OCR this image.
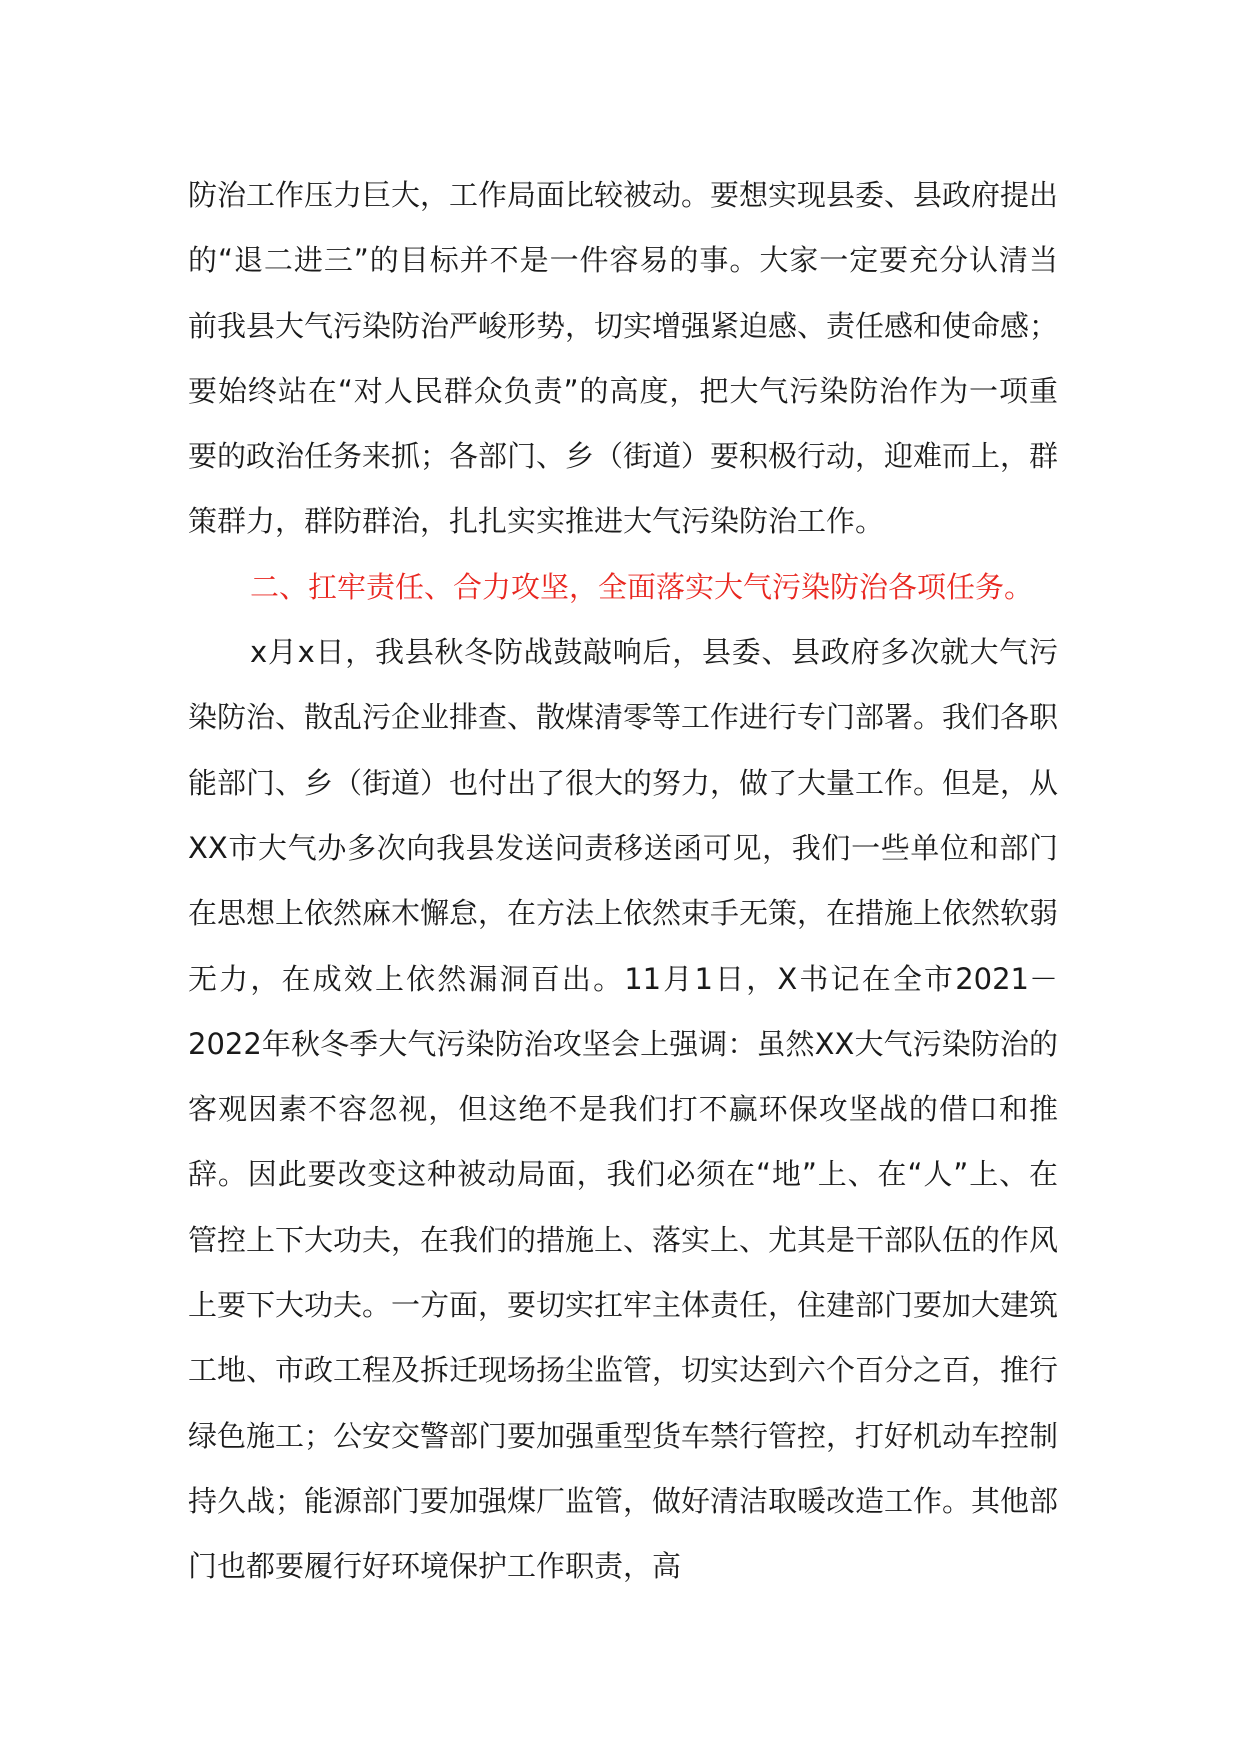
防治工作压力巨大，工作局面比较被动。要想实现县委、县政府提出的“退二进三”的目标并不是一件容易的事。大家一定要充分认清当前我县大气污染防治严峻形势，切实增强紧迫感、责任感和使命感；要始终站在“对人民群众负责”的高度，把大气污染防治作为一项重要的政治任务来抓；各部门、乡（街道）要积极行动，迎难而上，群策群力，群防群治，扎扎实实推进大气污染防治工作。

二、扛牢责任、合力攻坚，全面落实大气污染防治各项任务。

x月x日，我县秋冬防战鼓敲响后，县委、县政府多次就大气污染防治、散乱污企业排查、散煤清零等工作进行专门部署。我们各职能部门、乡（街道）也付出了很大的努力，做了大量工作。但是，从XX市大气办多次向我县发送问责移送函可见，我们一些单位和部门在思想上依然麻木懈怠，在方法上依然束手无策，在措施上依然软弱无力，在成效上依然漏洞百出。11月1日，X书记在全市2021－2022年秋冬季大气污染防治攻坚会上强调：虽然XX大气污染防治的客观因素不容忽视，但这绝不是我们打不赢环保攻坚战的借口和推辞。因此要改变这种被动局面，我们必须在“地”上、在“人”上、在管控上下大功夫，在我们的措施上、落实上、尤其是干部队伍的作风上要下大功夫。一方面，要切实扛牢主体责任，住建部门要加大建筑工地、市政工程及拆迁现场扬尘监管，切实达到六个百分之百，推行绿色施工；公安交警部门要加强重型货车禁行管控，打好机动车控制持久战；能源部门要加强煤厂监管，做好清洁取暖改造工作。其他部门也都要履行好环境保护工作职责，高
